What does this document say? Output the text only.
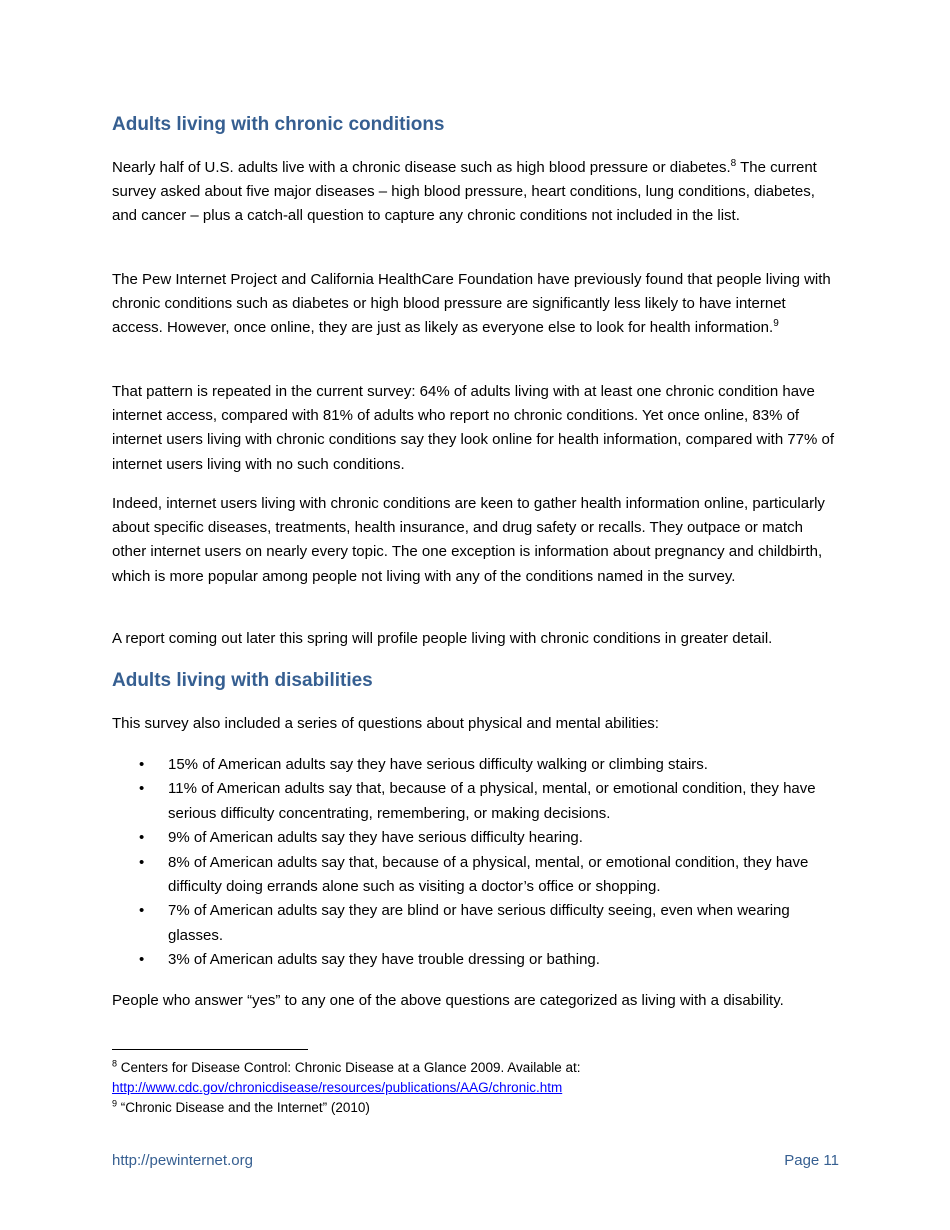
Adults living with chronic conditions

Nearly half of U.S. adults live with a chronic disease such as high blood pressure or diabetes.$^8$ The current survey asked about five major diseases – high blood pressure, heart conditions, lung conditions, diabetes, and cancer – plus a catch-all question to capture any chronic conditions not included in the list.

The Pew Internet Project and California HealthCare Foundation have previously found that people living with chronic conditions such as diabetes or high blood pressure are significantly less likely to have internet access. However, once online, they are just as likely as everyone else to look for health information.$^9$

That pattern is repeated in the current survey: 64% of adults living with at least one chronic condition have internet access, compared with 81% of adults who report no chronic conditions. Yet once online, 83% of internet users living with chronic conditions say they look online for health information, compared with 77% of internet users living with no such conditions.

Indeed, internet users living with chronic conditions are keen to gather health information online, particularly about specific diseases, treatments, health insurance, and drug safety or recalls. They outpace or match other internet users on nearly every topic. The one exception is information about pregnancy and childbirth, which is more popular among people not living with any of the conditions named in the survey.

A report coming out later this spring will profile people living with chronic conditions in greater detail.

Adults living with disabilities

This survey also included a series of questions about physical and mental abilities:

• 15% of American adults say they have serious difficulty walking or climbing stairs.
• 11% of American adults say that, because of a physical, mental, or emotional condition, they have serious difficulty concentrating, remembering, or making decisions.
• 9% of American adults say they have serious difficulty hearing.
• 8% of American adults say that, because of a physical, mental, or emotional condition, they have difficulty doing errands alone such as visiting a doctor’s office or shopping.
• 7% of American adults say they are blind or have serious difficulty seeing, even when wearing glasses.
• 3% of American adults say they have trouble dressing or bathing.

People who answer “yes” to any one of the above questions are categorized as living with a disability.

$^8$ Centers for Disease Control: Chronic Disease at a Glance 2009. Available at:
http://www.cdc.gov/chronicdisease/resources/publications/AAG/chronic.htm
$^9$ “Chronic Disease and the Internet” (2010)
http://pewinternet.org	Page 11
